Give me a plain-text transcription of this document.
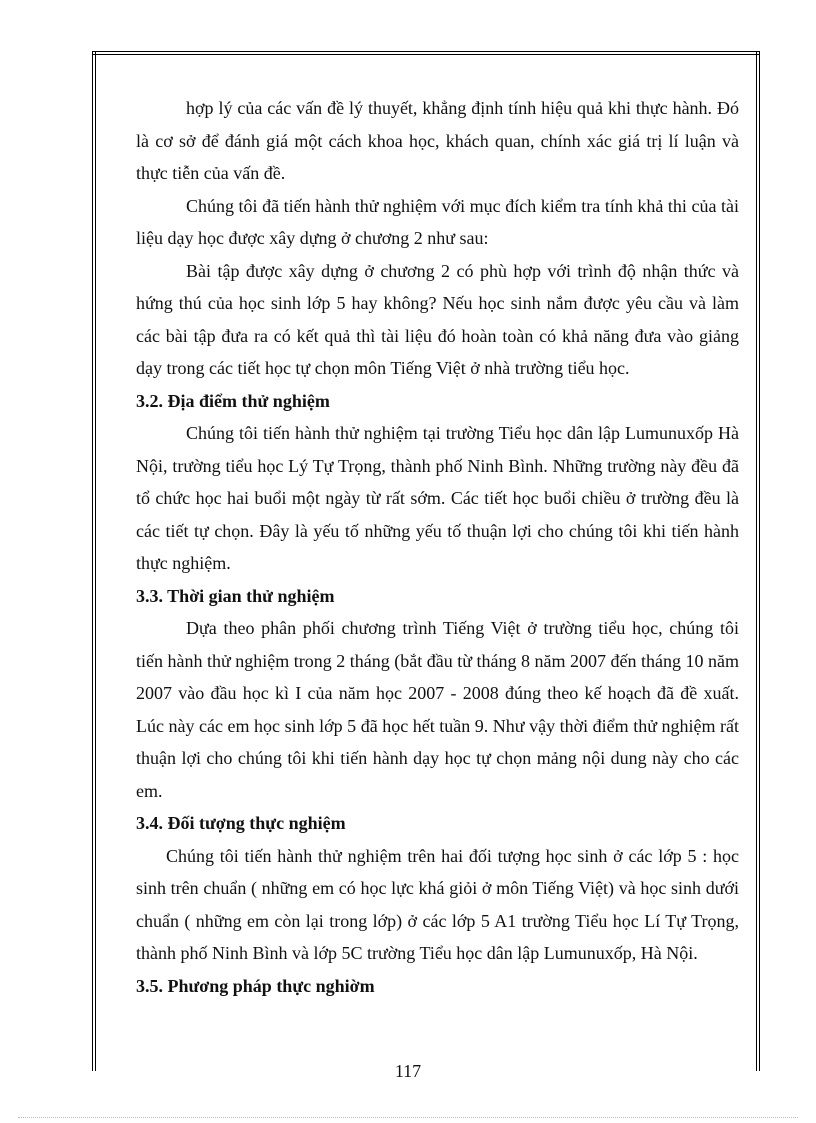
hợp lý của các vấn đề lý thuyết, khẳng định tính hiệu quả khi thực hành. Đó là cơ sở để đánh giá một cách khoa học, khách quan, chính xác giá trị lí luận và thực tiễn của vấn đề.

Chúng tôi đã tiến hành thử nghiệm với mục đích kiểm tra tính khả thi của tài liệu dạy học được xây dựng ở chương 2 như sau:

Bài tập được xây dựng ở chương 2 có phù hợp với trình độ nhận thức và hứng thú của học sinh lớp 5 hay không? Nếu học sinh nắm được yêu cầu và làm các bài tập đưa ra có kết quả thì tài liệu đó hoàn toàn có khả năng đưa vào giảng dạy trong các tiết học tự chọn môn Tiếng Việt ở nhà trường tiểu học.

3.2. Địa điểm thử nghiệm

Chúng tôi tiến hành thử nghiệm tại trường Tiểu học dân lập Lumunuxốp Hà Nội, trường tiểu học Lý Tự Trọng, thành phố Ninh Bình. Những trường này đều đã tổ chức học hai buổi một ngày từ rất sớm. Các tiết học buổi chiều ở trường đều là các tiết tự chọn. Đây là yếu tố những yếu tố thuận lợi cho chúng tôi khi tiến hành thực nghiệm.

3.3. Thời gian thử nghiệm

Dựa theo phân phối chương trình Tiếng Việt ở trường tiểu học, chúng tôi tiến hành thử nghiệm trong 2 tháng (bắt đầu từ tháng 8 năm 2007 đến tháng 10 năm 2007 vào đầu học kì I của năm học 2007 - 2008 đúng theo kế hoạch đã đề xuất. Lúc này các em học sinh lớp 5 đã học hết tuần 9. Như vậy thời điểm thử nghiệm rất thuận lợi cho chúng tôi khi tiến hành dạy học tự chọn mảng nội dung này cho các em.

3.4. Đối tượng thực nghiệm

Chúng tôi tiến hành thử nghiệm trên hai đối tượng học sinh ở các lớp 5 : học sinh trên chuẩn ( những em có học lực khá giỏi ở môn Tiếng Việt) và học sinh dưới chuẩn ( những em còn lại trong lớp) ở các lớp 5 A1 trường Tiểu học Lí Tự Trọng, thành phố Ninh Bình và lớp 5C trường Tiểu học dân lập Lumunuxốp, Hà Nội.

3.5. Phương pháp thực nghiờm

117
